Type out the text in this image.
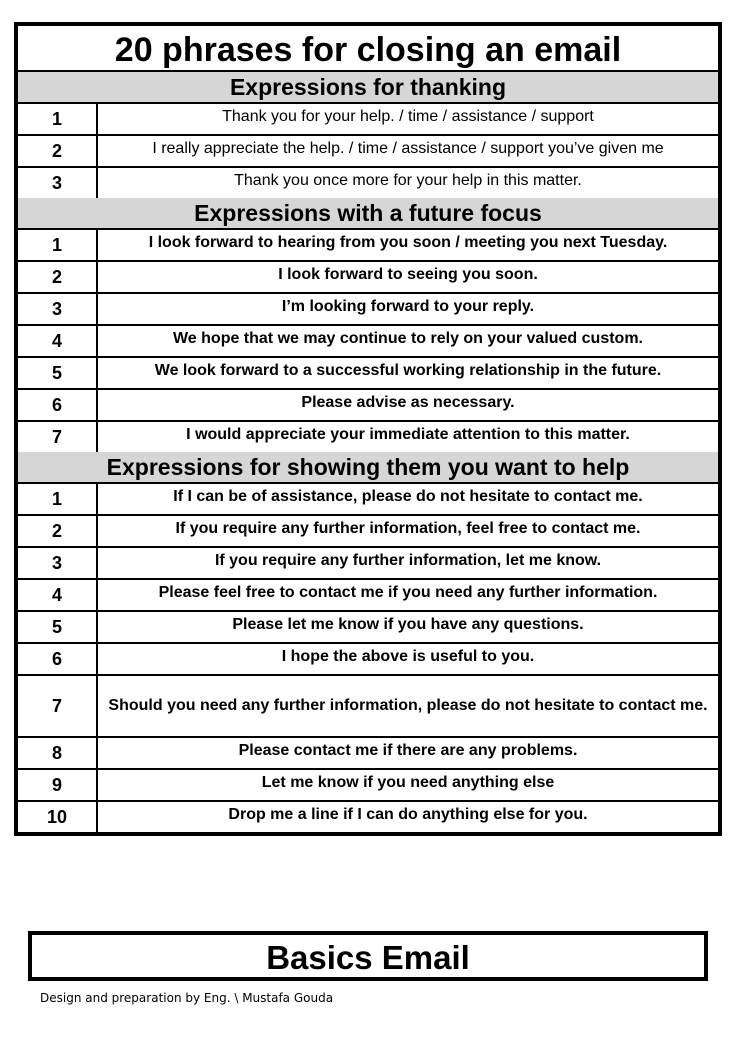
20 phrases for closing an email
Expressions for thanking
1	Thank you for your help. / time / assistance / support
2	I really appreciate the help. / time / assistance / support you’ve given me
3	Thank you once more for your help in this matter.
Expressions with a future focus
1	I look forward to hearing from you soon / meeting you next Tuesday.
2	I look forward to seeing you soon.
3	I’m looking forward to your reply.
4	We hope that we may continue to rely on your valued custom.
5	We look forward to a successful working relationship in the future.
6	Please advise as necessary.
7	I would appreciate your immediate attention to this matter.
Expressions for showing them you want to help
1	If I can be of assistance, please do not hesitate to contact me.
2	If you require any further information, feel free to contact me.
3	If you require any further information, let me know.
4	Please feel free to contact me if you need any further information.
5	Please let me know if you have any questions.
6	I hope the above is useful to you.
7	Should you need any further information, please do not hesitate to contact me.
8	Please contact me if there are any problems.
9	Let me know if you need anything else
10	Drop me a line if I can do anything else for you.
Basics Email
Design and preparation by Eng. \ Mustafa Gouda
